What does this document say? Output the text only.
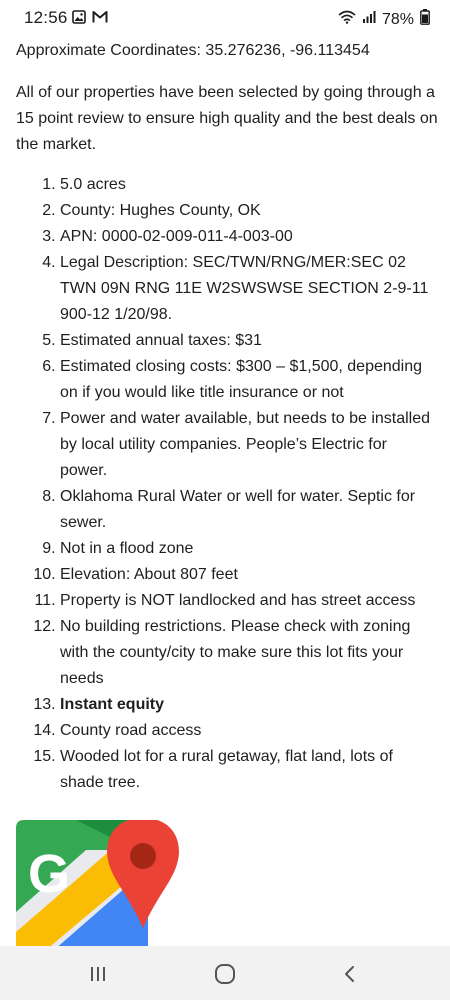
12:56	78%

Approximate Coordinates: 35.276236, -96.113454

All of our properties have been selected by going through a 15 point review to ensure high quality and the best deals on the market.

1. 5.0 acres
2. County: Hughes County, OK
3. APN: 0000-02-009-011-4-003-00
4. Legal Description: SEC/TWN/RNG/MER:SEC 02 TWN 09N RNG 11E W2SWSWSE SECTION 2-9-11 900-12 1/20/98.
5. Estimated annual taxes: $31
6. Estimated closing costs: $300 – $1,500, depending on if you would like title insurance or not
7. Power and water available, but needs to be installed by local utility companies. People’s Electric for power.
8. Oklahoma Rural Water or well for water. Septic for sewer.
9. Not in a flood zone
10. Elevation: About 807 feet
11. Property is NOT landlocked and has street access
12. No building restrictions. Please check with zoning with the county/city to make sure this lot fits your needs
13. Instant equity
14. County road access
15. Wooded lot for a rural getaway, flat land, lots of shade tree.
G
